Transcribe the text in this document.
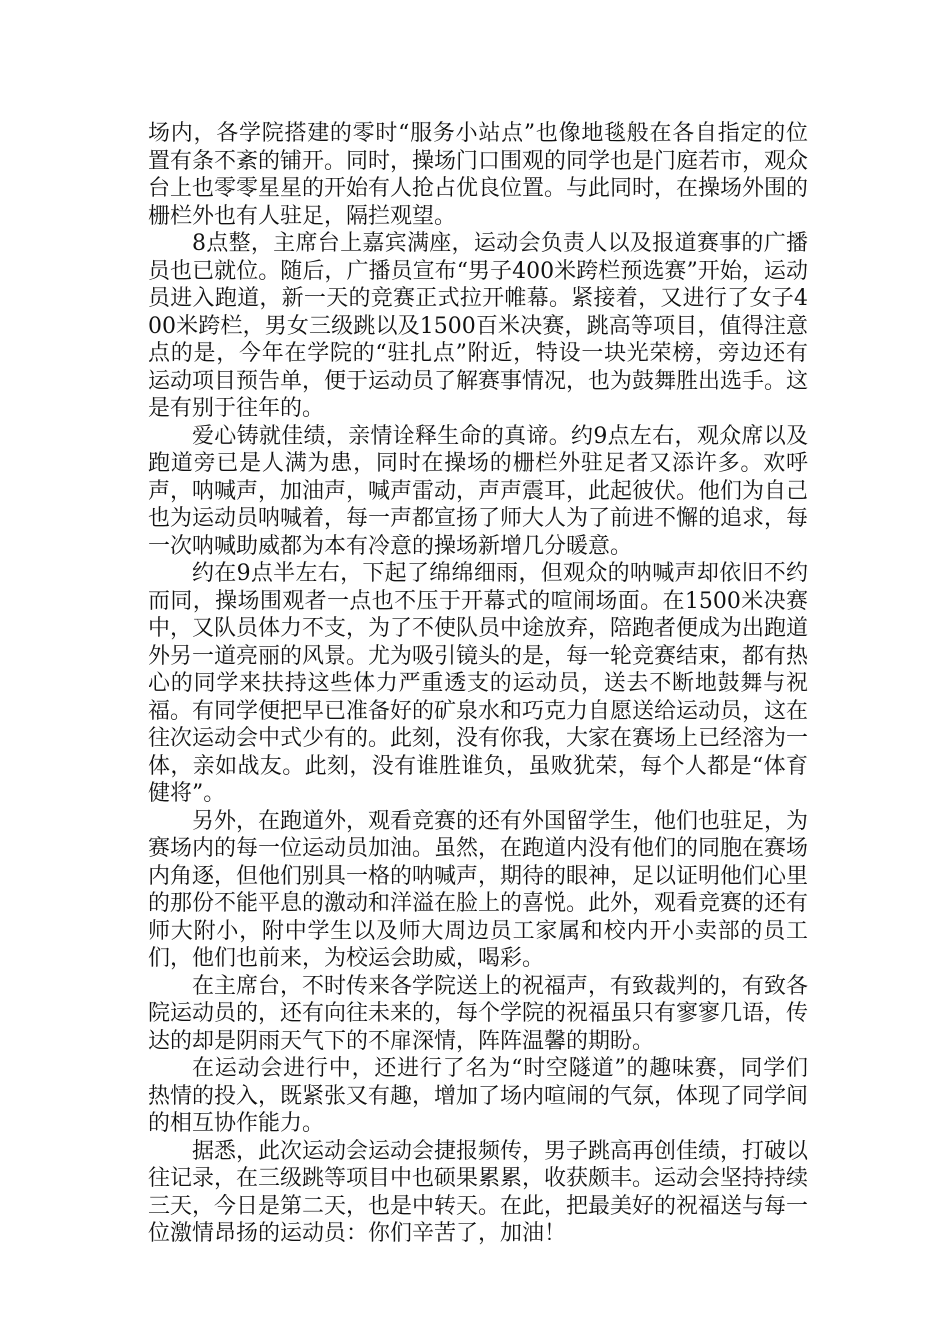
场内，各学院搭建的零时“服务小站点”也像地毯般在各自指定的位置有条不紊的铺开。同时，操场门口围观的同学也是门庭若市，观众台上也零零星星的开始有人抢占优良位置。与此同时，在操场外围的栅栏外也有人驻足，隔拦观望。

8点整，主席台上嘉宾满座，运动会负责人以及报道赛事的广播员也已就位。随后，广播员宣布“男子400米跨栏预选赛”开始，运动员进入跑道，新一天的竞赛正式拉开帷幕。紧接着，又进行了女子400米跨栏，男女三级跳以及1500百米决赛，跳高等项目，值得注意点的是，今年在学院的“驻扎点”附近，特设一块光荣榜，旁边还有运动项目预告单，便于运动员了解赛事情况，也为鼓舞胜出选手。这是有别于往年的。

爱心铸就佳绩，亲情诠释生命的真谛。约9点左右，观众席以及跑道旁已是人满为患，同时在操场的栅栏外驻足者又添许多。欢呼声，呐喊声，加油声，喊声雷动，声声震耳，此起彼伏。他们为自己也为运动员呐喊着，每一声都宣扬了师大人为了前进不懈的追求，每一次呐喊助威都为本有冷意的操场新增几分暖意。

约在9点半左右，下起了绵绵细雨，但观众的呐喊声却依旧不约而同，操场围观者一点也不压于开幕式的喧闹场面。在1500米决赛中，又队员体力不支，为了不使队员中途放弃，陪跑者便成为出跑道外另一道亮丽的风景。尤为吸引镜头的是，每一轮竞赛结束，都有热心的同学来扶持这些体力严重透支的运动员，送去不断地鼓舞与祝福。有同学便把早已准备好的矿泉水和巧克力自愿送给运动员，这在往次运动会中式少有的。此刻，没有你我，大家在赛场上已经溶为一体，亲如战友。此刻，没有谁胜谁负，虽败犹荣，每个人都是“体育健将”。

另外，在跑道外，观看竞赛的还有外国留学生，他们也驻足，为赛场内的每一位运动员加油。虽然，在跑道内没有他们的同胞在赛场内角逐，但他们别具一格的呐喊声，期待的眼神，足以证明他们心里的那份不能平息的激动和洋溢在脸上的喜悦。此外，观看竞赛的还有师大附小，附中学生以及师大周边员工家属和校内开小卖部的员工们，他们也前来，为校运会助威，喝彩。

在主席台，不时传来各学院送上的祝福声，有致裁判的，有致各院运动员的，还有向往未来的，每个学院的祝福虽只有寥寥几语，传达的却是阴雨天气下的不扉深情，阵阵温馨的期盼。

在运动会进行中，还进行了名为“时空隧道”的趣味赛，同学们热情的投入，既紧张又有趣，增加了场内喧闹的气氛，体现了同学间的相互协作能力。

据悉，此次运动会运动会捷报频传，男子跳高再创佳绩，打破以往记录，在三级跳等项目中也硕果累累，收获颇丰。运动会坚持持续三天，今日是第二天，也是中转天。在此，把最美好的祝福送与每一位激情昂扬的运动员：你们辛苦了，加油！
